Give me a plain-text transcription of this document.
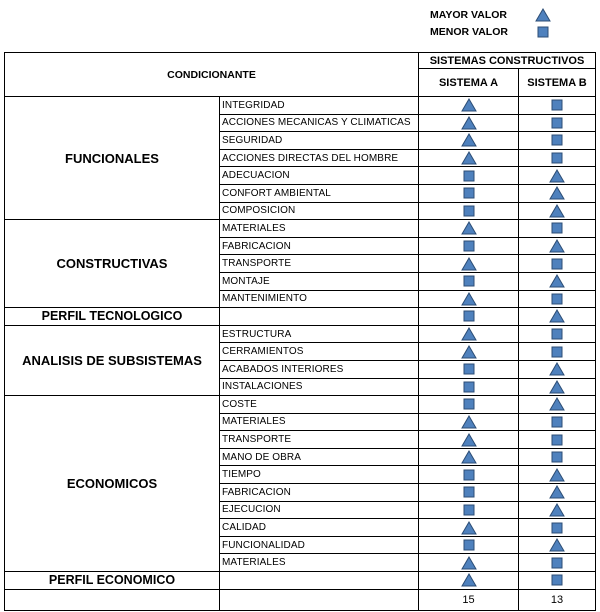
MAYOR VALOR
MENOR VALOR
CONDICIONANTE		SISTEMAS CONSTRUCTIVOS	
		SISTEMA A	SISTEMA B
FUNCIONALES	INTEGRIDAD		
	ACCIONES MECANICAS Y CLIMATICAS		
	SEGURIDAD		
	ACCIONES DIRECTAS DEL HOMBRE		
	ADECUACION		
	CONFORT AMBIENTAL		
	COMPOSICION		
CONSTRUCTIVAS	MATERIALES		
	FABRICACION		
	TRANSPORTE		
	MONTAJE		
	MANTENIMIENTO		
PERFIL TECNOLOGICO			
ANALISIS DE SUBSISTEMAS	ESTRUCTURA		
	CERRAMIENTOS		
	ACABADOS INTERIORES		
	INSTALACIONES		
ECONOMICOS	COSTE		
	MATERIALES		
	TRANSPORTE		
	MANO DE OBRA		
	TIEMPO		
	FABRICACION		
	EJECUCION		
	CALIDAD		
	FUNCIONALIDAD		
	MATERIALES		
PERFIL ECONOMICO			
		15	13
